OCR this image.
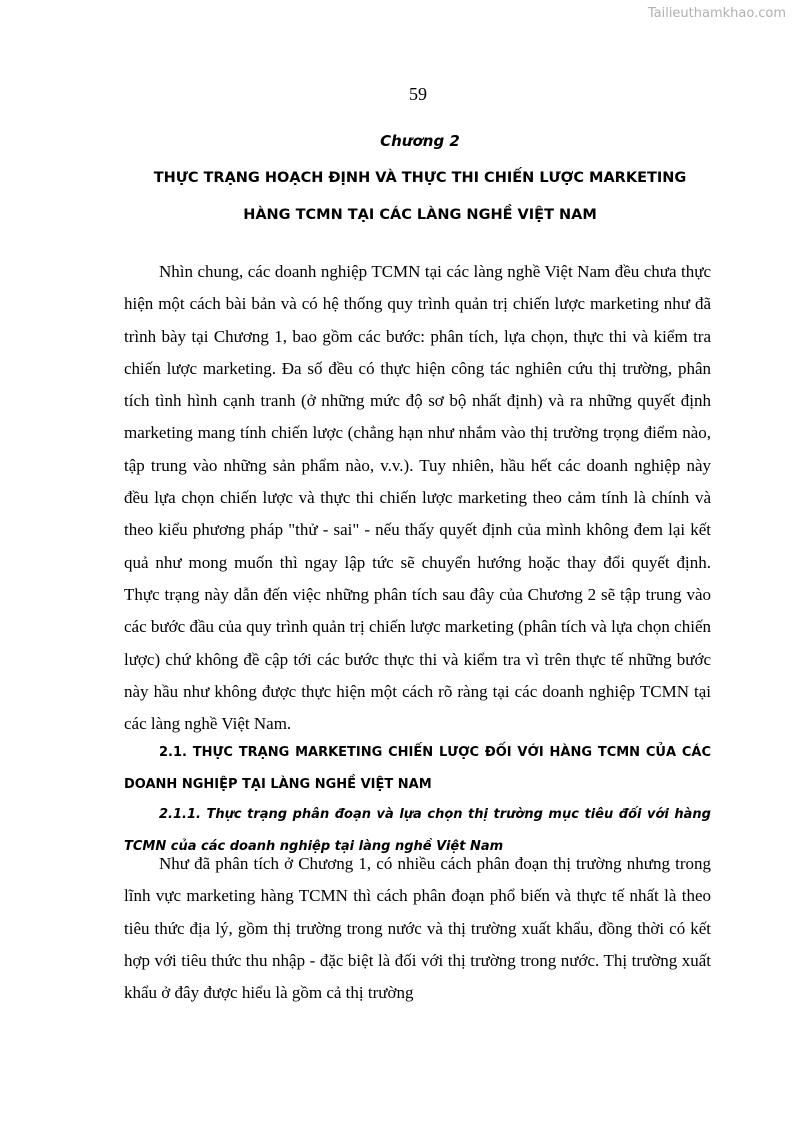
Tailieuthamkhao.com
59
Chương 2
THỰC TRẠNG HOẠCH ĐỊNH VÀ THỰC THI CHIẾN LƯỢC MARKETING
HÀNG TCMN TẠI CÁC LÀNG NGHỀ VIỆT NAM

Nhìn chung, các doanh nghiệp TCMN tại các làng nghề Việt Nam đều chưa thực hiện một cách bài bản và có hệ thống quy trình quản trị chiến lược marketing như đã trình bày tại Chương 1, bao gồm các bước: phân tích, lựa chọn, thực thi và kiểm tra chiến lược marketing. Đa số đều có thực hiện công tác nghiên cứu thị trường, phân tích tình hình cạnh tranh (ở những mức độ sơ bộ nhất định) và ra những quyết định marketing mang tính chiến lược (chẳng hạn như nhắm vào thị trường trọng điểm nào, tập trung vào những sản phẩm nào, v.v.). Tuy nhiên, hầu hết các doanh nghiệp này đều lựa chọn chiến lược và thực thi chiến lược marketing theo cảm tính là chính và theo kiểu phương pháp "thử - sai" - nếu thấy quyết định của mình không đem lại kết quả như mong muốn thì ngay lập tức sẽ chuyển hướng hoặc thay đổi quyết định. Thực trạng này dẫn đến việc những phân tích sau đây của Chương 2 sẽ tập trung vào các bước đầu của quy trình quản trị chiến lược marketing (phân tích và lựa chọn chiến lược) chứ không đề cập tới các bước thực thi và kiểm tra vì trên thực tế những bước này hầu như không được thực hiện một cách rõ ràng tại các doanh nghiệp TCMN tại các làng nghề Việt Nam.

2.1. THỰC TRẠNG MARKETING CHIẾN LƯỢC ĐỐI VỚI HÀNG TCMN CỦA CÁC DOANH NGHIỆP TẠI LÀNG NGHỀ VIỆT NAM
2.1.1. Thực trạng phân đoạn và lựa chọn thị trường mục tiêu đối với hàng TCMN của các doanh nghiệp tại làng nghề Việt Nam

Như đã phân tích ở Chương 1, có nhiều cách phân đoạn thị trường nhưng trong lĩnh vực marketing hàng TCMN thì cách phân đoạn phổ biến và thực tế nhất là theo tiêu thức địa lý, gồm thị trường trong nước và thị trường xuất khẩu, đồng thời có kết hợp với tiêu thức thu nhập - đặc biệt là đối với thị trường trong nước. Thị trường xuất khẩu ở đây được hiểu là gồm cả thị trường
